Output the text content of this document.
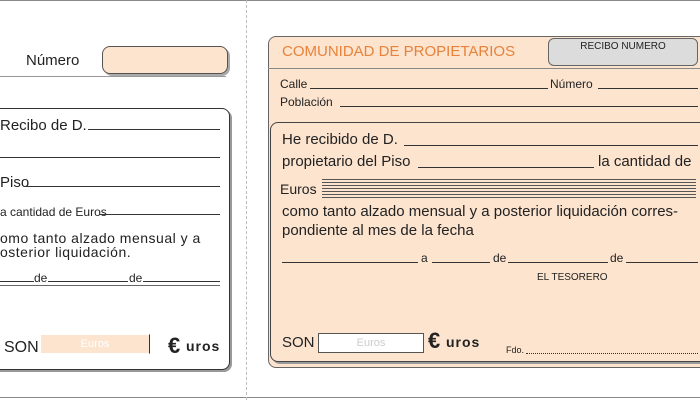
Número
Recibo de D.
Piso
a cantidad de Euros
omo tanto alzado mensual y a
osterior liquidación.
de	de
SON	Euros	€ uros
COMUNIDAD DE PROPIETARIOS	RECIBO NUMERO
Calle	Número
Población
He recibido de D.
propietario del Piso	la cantidad de
Euros
como tanto alzado mensual y a posterior liquidación corres-
pondiente al mes de la fecha
a	de	de
EL TESORERO
SON	Euros	€ uros	Fdo.
